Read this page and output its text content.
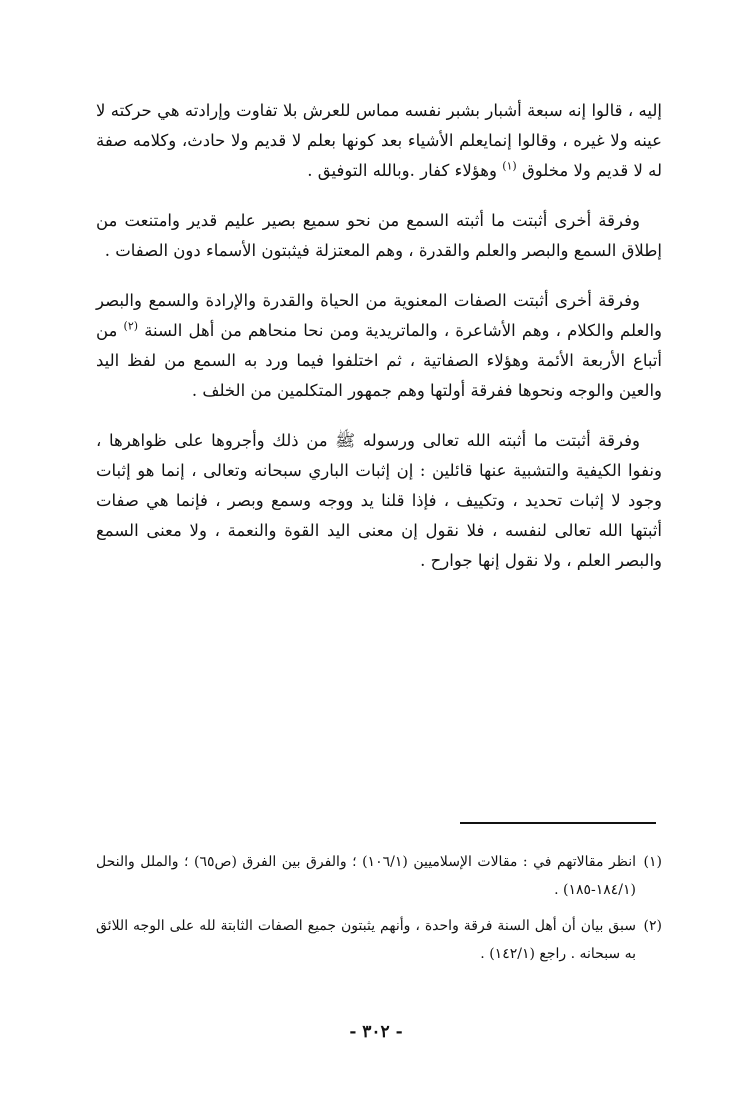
إليه ، قالوا إنه سبعة أشبار بشبر نفسه مماس للعرش بلا تفاوت وإرادته هي حركته لا عينه ولا غيره ، وقالوا إنمايعلم الأشياء بعد كونها بعلم لا قديم ولا حادث، وكلامه صفة له لا قديم ولا مخلوق $^{(١)}$ وهؤلاء كفار .وبالله التوفيق .

وفرقة أخرى أثبتت ما أثبته السمع من نحو سميع بصير عليم قدير وامتنعت من إطلاق السمع والبصر والعلم والقدرة ، وهم المعتزلة فيثبتون الأسماء دون الصفات .

وفرقة أخرى أثبتت الصفات المعنوية من الحياة والقدرة والإرادة والسمع والبصر والعلم والكلام ، وهم الأشاعرة ، والماتريدية ومن نحا منحاهم من أهل السنة $^{(٢)}$ من أتباع الأربعة الأئمة وهؤلاء الصفاتية ، ثم اختلفوا فيما ورد به السمع من لفظ اليد والعين والوجه ونحوها ففرقة أولتها وهم جمهور المتكلمين من الخلف .

وفرقة أثبتت ما أثبته الله تعالى ورسوله ﷺ من ذلك وأجروها على ظواهرها ، ونفوا الكيفية والتشبية عنها قائلين : إن إثبات الباري سبحانه وتعالى ، إنما هو إثبات وجود لا إثبات تحديد ، وتكييف ، فإذا قلنا يد ووجه وسمع وبصر ، فإنما هي صفات أثبتها الله تعالى لنفسه ، فلا نقول إن معنى اليد القوة والنعمة ، ولا معنى السمع والبصر العلم ، ولا نقول إنها جوارح .

(١)
انظر مقالاتهم في : مقالات الإسلاميين (١٠٦/١) ؛ والفرق بين الفرق (ص٦٥) ؛ والملل والنحل (١٨٤/١-١٨٥) .

(٢)
سبق بيان أن أهل السنة فرقة واحدة ، وأنهم يثبتون جميع الصفات الثابتة لله على الوجه اللائق به سبحانه . راجع (١٤٢/١) .

- ٣٠٢ -
